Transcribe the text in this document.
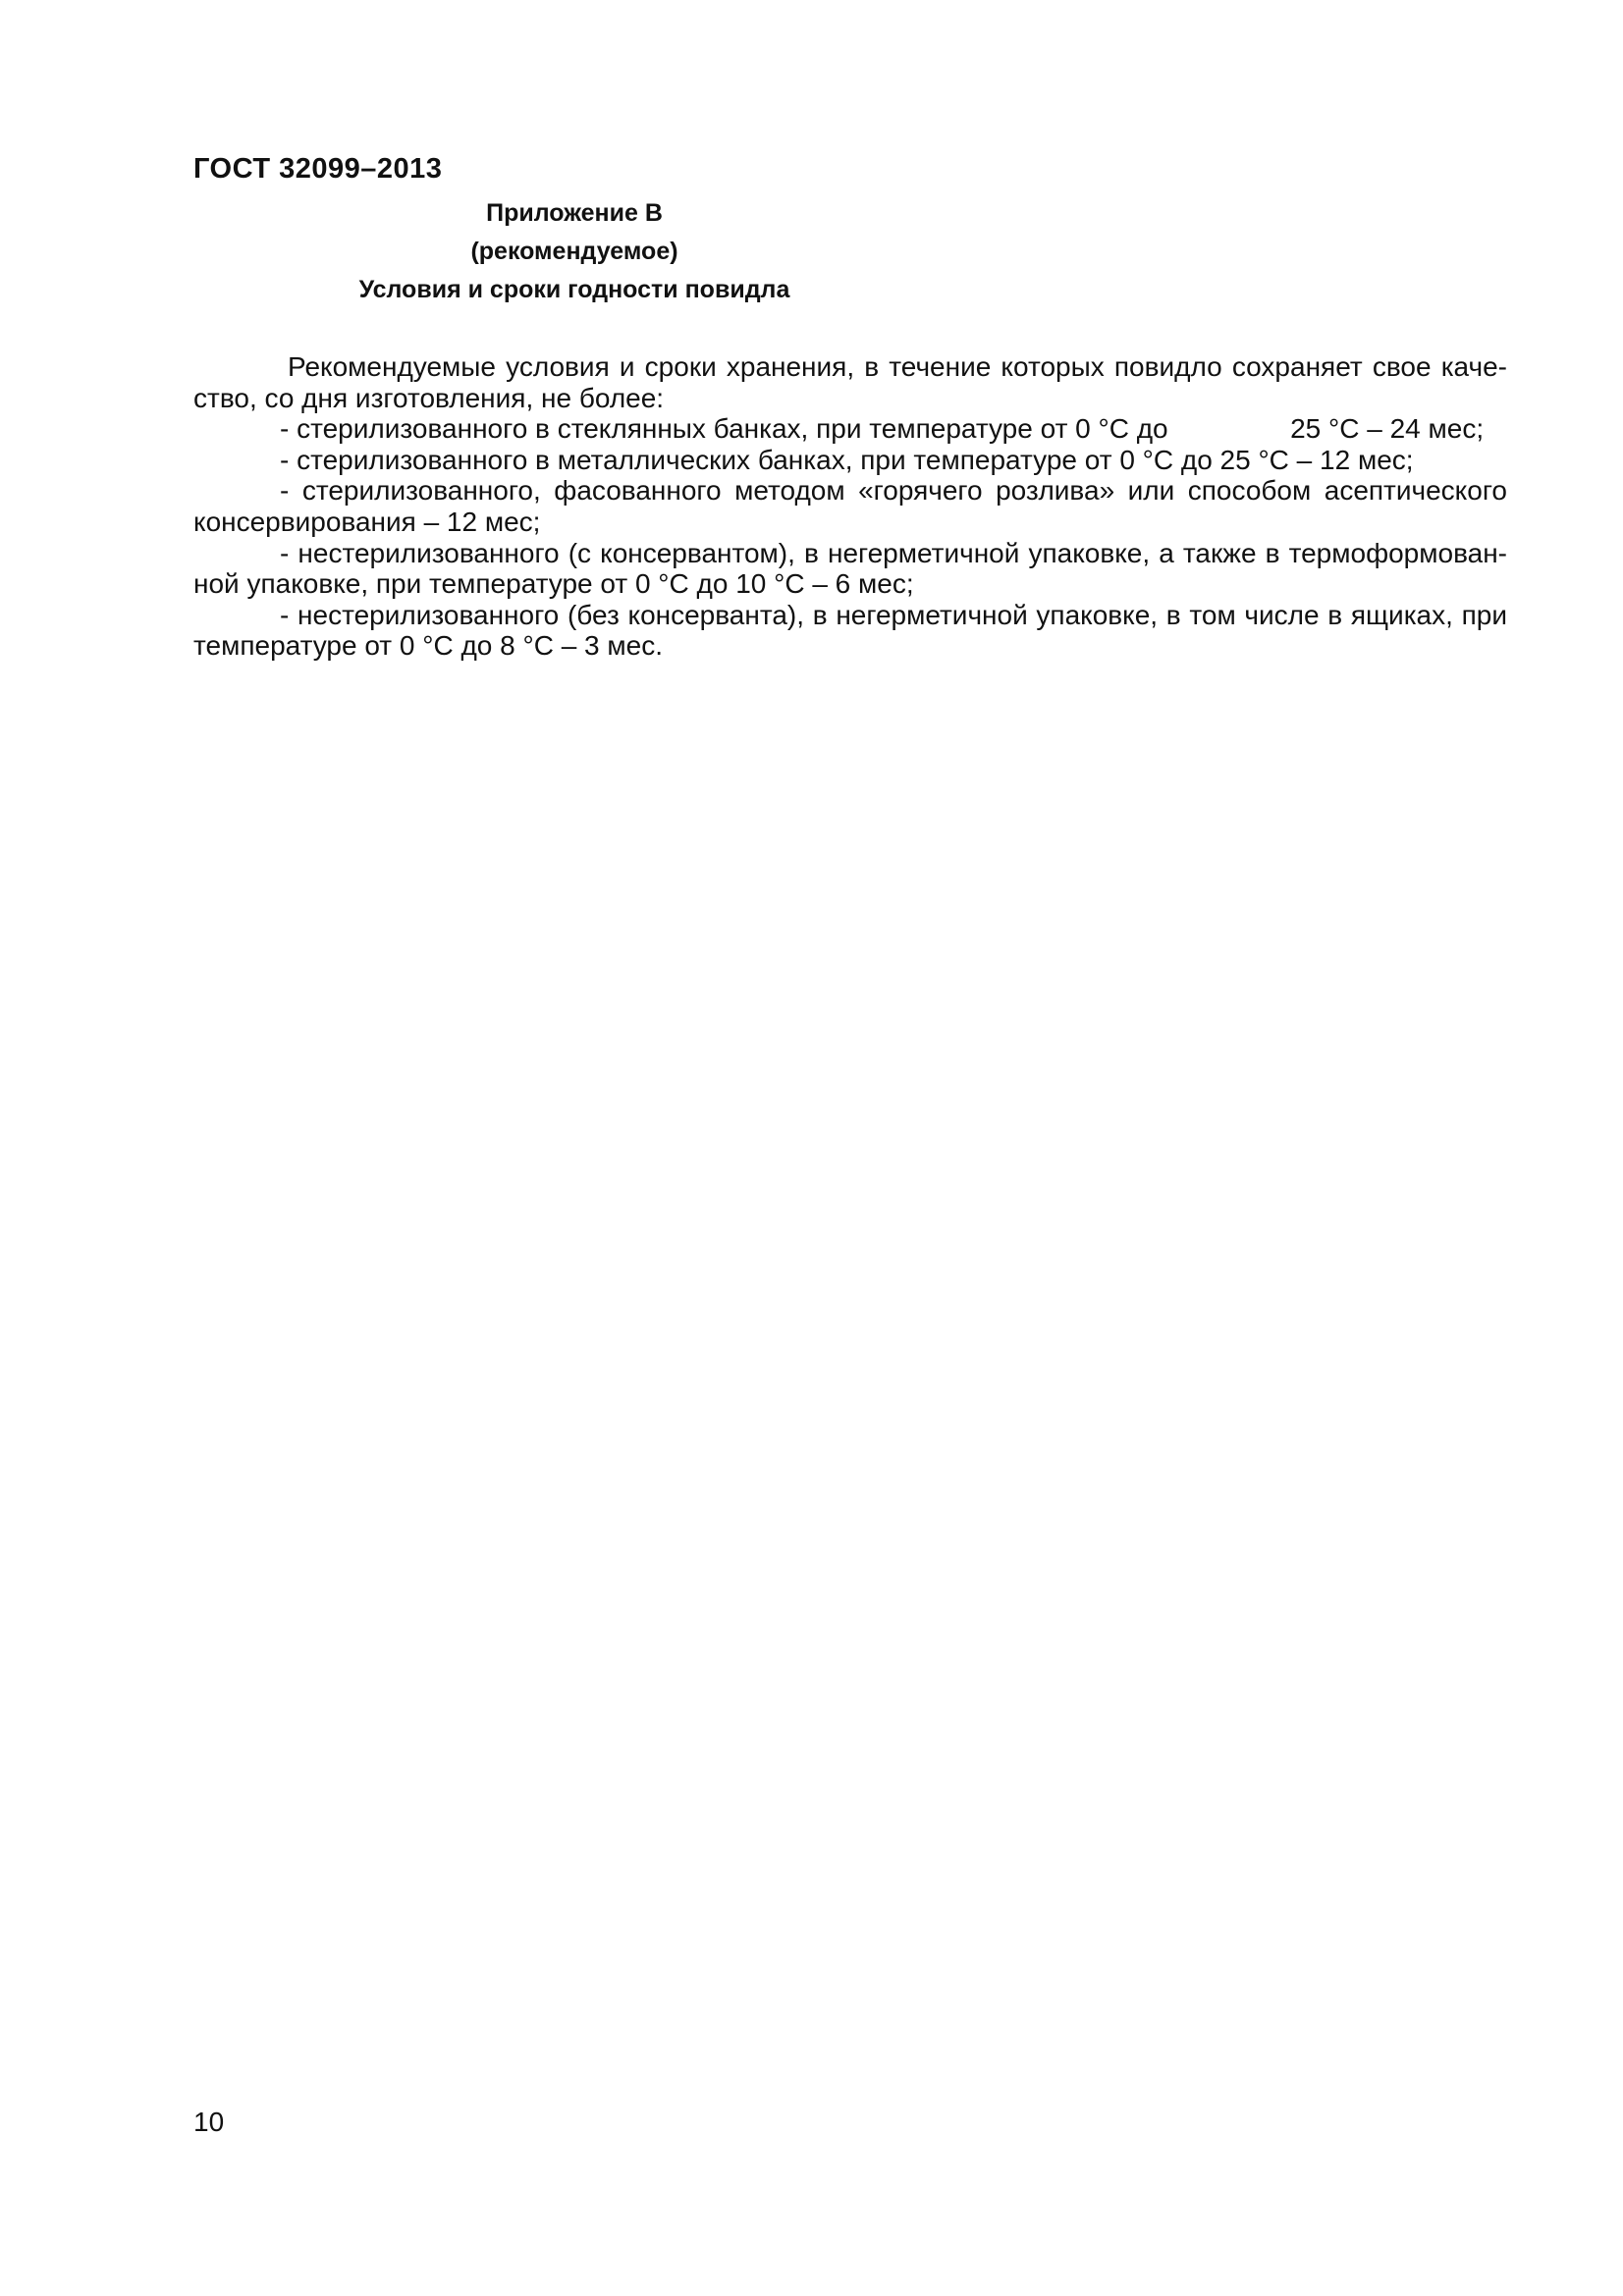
ГОСТ 32099–2013
Приложение В
(рекомендуемое)
Условия и сроки годности повидла
Рекомендуемые условия и сроки хранения, в течение которых повидло сохраняет свое каче-
ство, со дня изготовления, не более:
- стерилизованного в стеклянных банках, при температуре от 0 °С до                25 °С – 24 мес;
- стерилизованного в металлических банках, при температуре от 0 °С до 25 °С – 12 мес;
- стерилизованного, фасованного методом «горячего розлива» или способом асептического
консервирования – 12 мес;
- нестерилизованного (с консервантом), в негерметичной упаковке, а также в термоформован-
ной упаковке, при температуре от 0 °С до 10 °С – 6 мес;
- нестерилизованного (без консерванта), в негерметичной упаковке, в том числе в ящиках, при
температуре от 0 °С до 8 °С – 3 мес.
10
